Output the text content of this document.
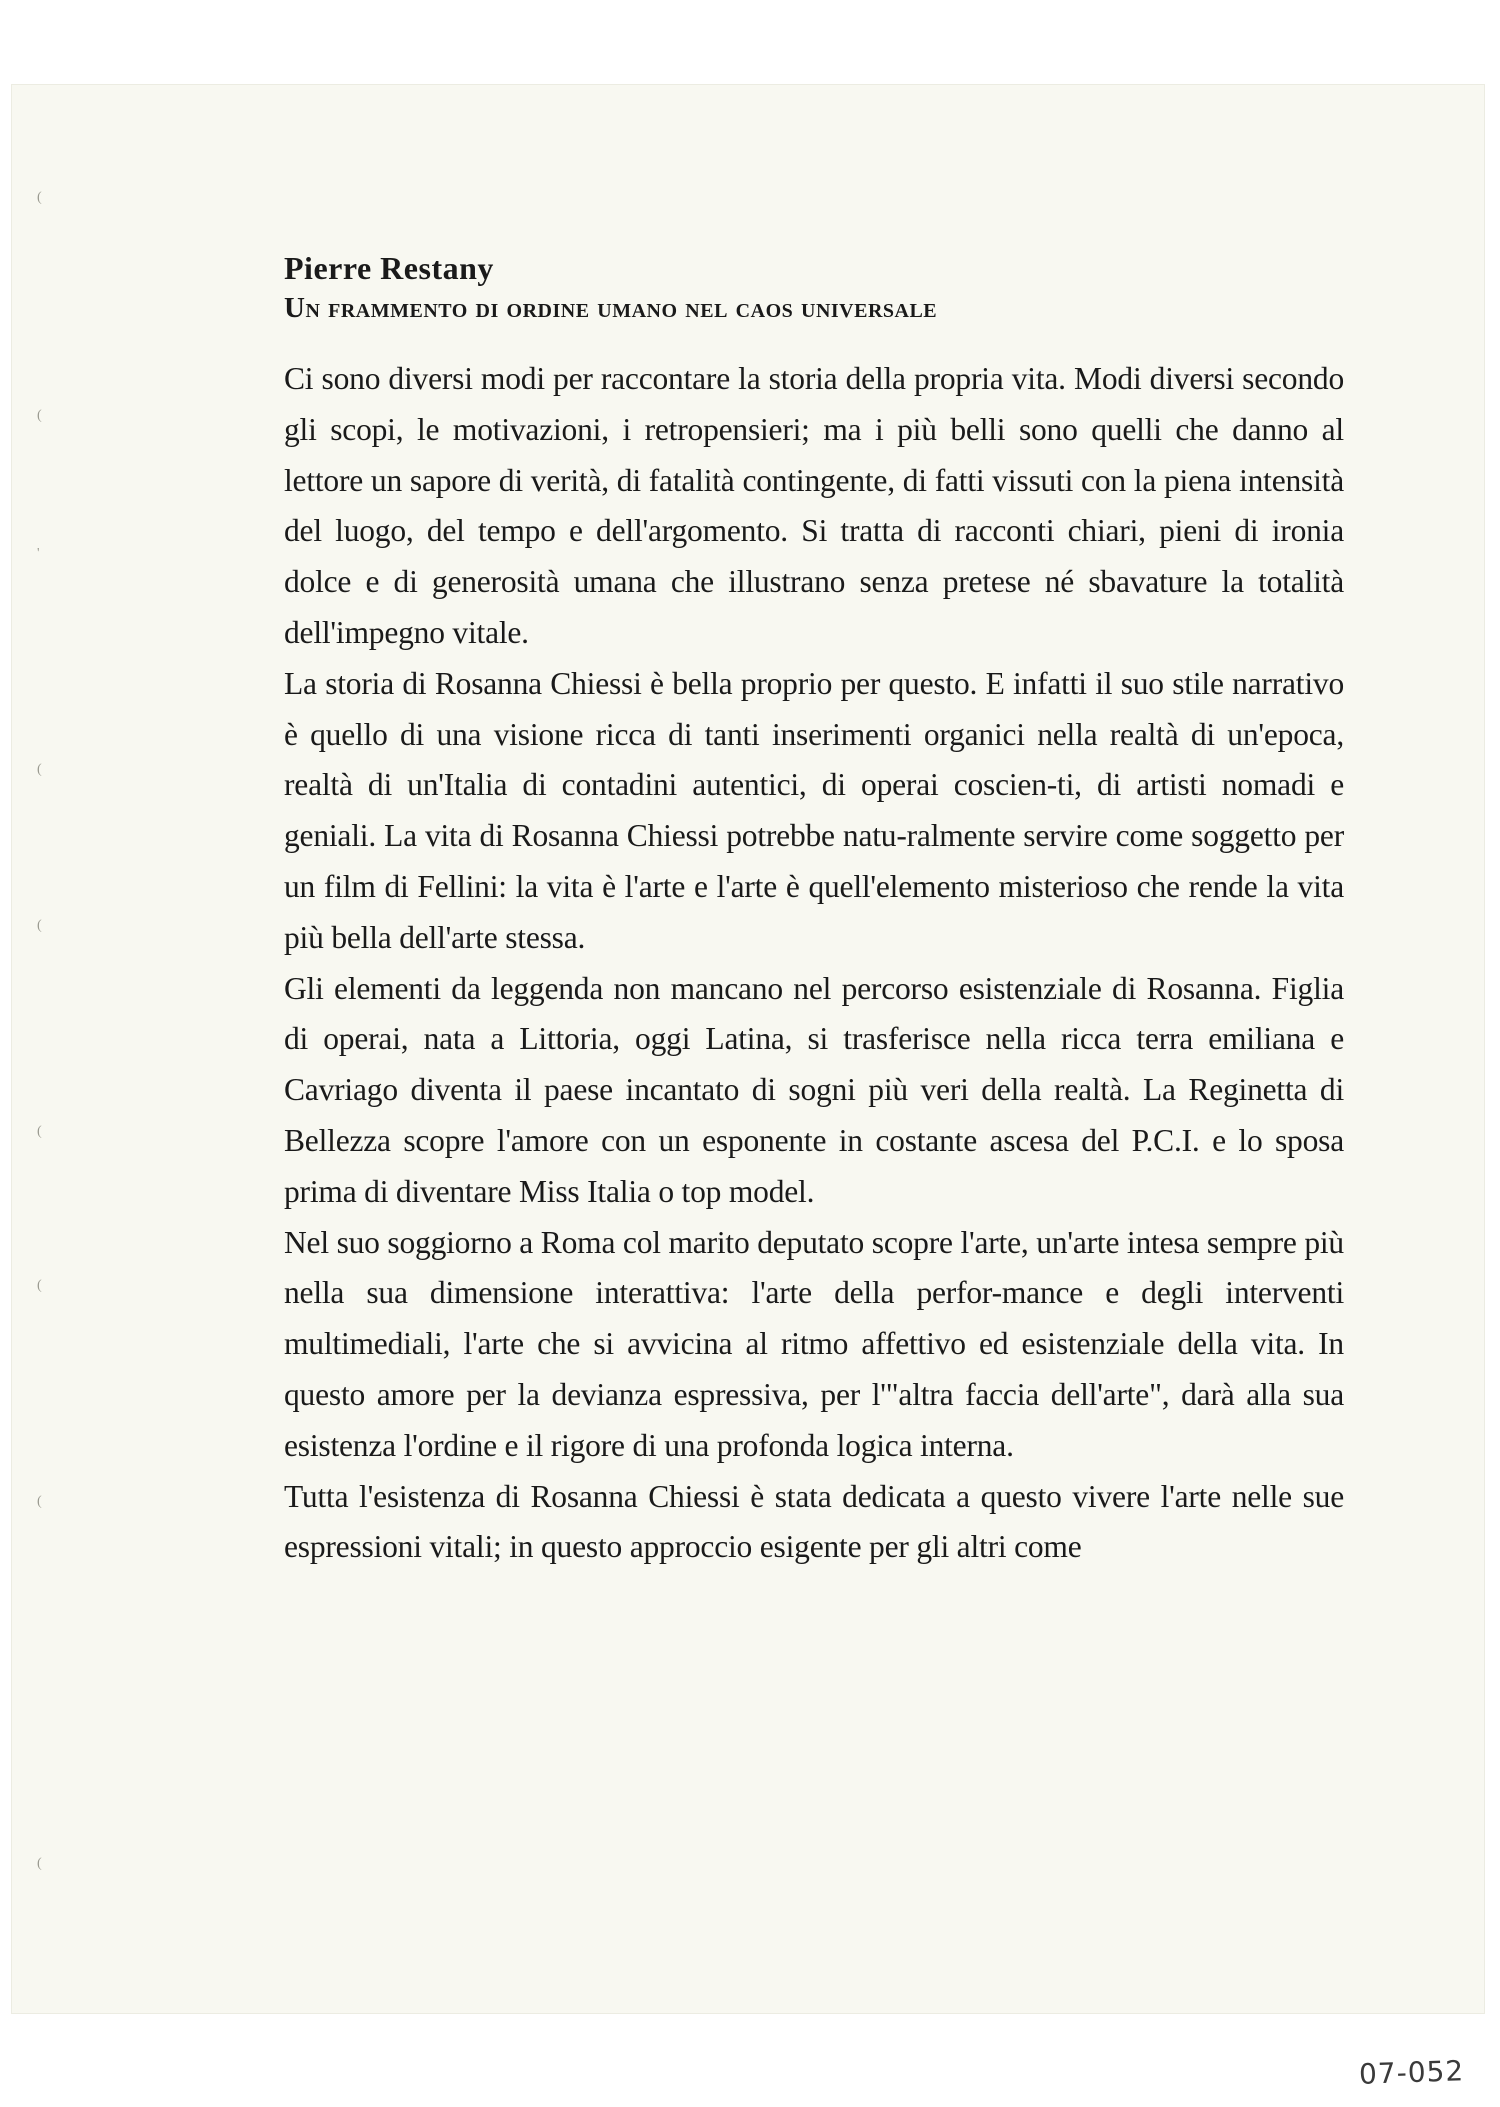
(
(
'
(
(
(
(
(
(
Pierre Restany
Un frammento di ordine umano nel caos universale

Ci sono diversi modi per raccontare la storia della propria vita. Modi diversi secondo gli scopi, le motivazioni, i retropensieri; ma i più belli sono quelli che danno al lettore un sapore di verità, di fatalità contingente, di fatti vissuti con la piena intensità del luogo, del tempo e dell'argomento. Si tratta di racconti chiari, pieni di ironia dolce e di generosità umana che illustrano senza pretese né sbavature la totalità dell'impegno vitale.

La storia di Rosanna Chiessi è bella proprio per questo. E infatti il suo stile narrativo è quello di una visione ricca di tanti inserimenti organici nella realtà di un'epoca, realtà di un'Italia di contadini autentici, di operai coscien-ti, di artisti nomadi e geniali. La vita di Rosanna Chiessi potrebbe natu-ralmente servire come soggetto per un film di Fellini: la vita è l'arte e l'arte è quell'elemento misterioso che rende la vita più bella dell'arte stessa.

Gli elementi da leggenda non mancano nel percorso esistenziale di Rosanna. Figlia di operai, nata a Littoria, oggi Latina, si trasferisce nella ricca terra emiliana e Cavriago diventa il paese incantato di sogni più veri della realtà. La Reginetta di Bellezza scopre l'amore con un esponente in costante ascesa del P.C.I. e lo sposa prima di diventare Miss Italia o top model.

Nel suo soggiorno a Roma col marito deputato scopre l'arte, un'arte intesa sempre più nella sua dimensione interattiva: l'arte della perfor-mance e degli interventi multimediali, l'arte che si avvicina al ritmo affettivo ed esistenziale della vita. In questo amore per la devianza espressiva, per l'"altra faccia dell'arte", darà alla sua esistenza l'ordine e il rigore di una profonda logica interna.

Tutta l'esistenza di Rosanna Chiessi è stata dedicata a questo vivere l'arte nelle sue espressioni vitali; in questo approccio esigente per gli altri come

07-052
